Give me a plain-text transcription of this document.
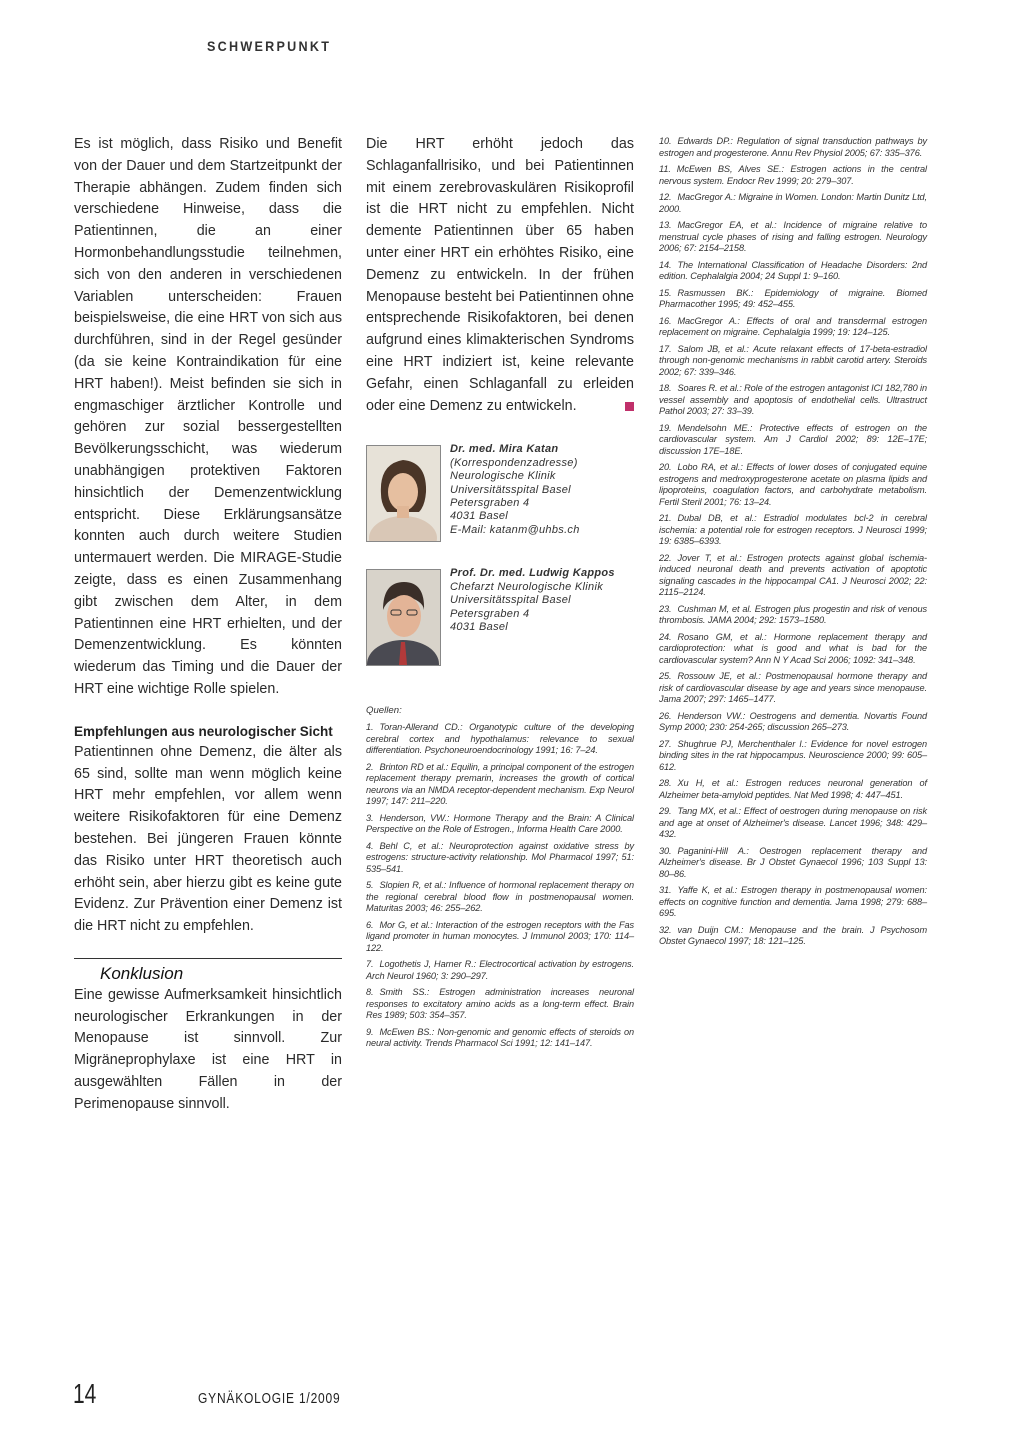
SCHWERPUNKT

Es ist möglich, dass Risiko und Benefit von der Dauer und dem Startzeitpunkt der Therapie abhängen. Zudem finden sich verschiedene Hinweise, dass die Patientinnen, die an einer Hormonbehandlungsstudie teilnehmen, sich von den anderen in verschiedenen Variablen unterscheiden: Frauen beispielsweise, die eine HRT von sich aus durchführen, sind in der Regel gesünder (da sie keine Kontraindikation für eine HRT haben!). Meist befinden sie sich in engmaschiger ärztlicher Kontrolle und gehören zur sozial bessergestellten Bevölkerungsschicht, was wiederum unabhängigen protektiven Faktoren hinsichtlich der Demenzentwicklung entspricht. Diese Erklärungsansätze konnten auch durch weitere Studien untermauert werden. Die MIRAGE-Studie zeigte, dass es einen Zusammenhang gibt zwischen dem Alter, in dem Patientinnen eine HRT erhielten, und der Demenzentwicklung. Es könnten wiederum das Timing und die Dauer der HRT eine wichtige Rolle spielen.

Empfehlungen aus neurologischer Sicht

Patientinnen ohne Demenz, die älter als 65 sind, sollte man wenn möglich keine HRT mehr empfehlen, vor allem wenn weitere Risikofaktoren für eine Demenz bestehen. Bei jüngeren Frauen könnte das Risiko unter HRT theoretisch auch erhöht sein, aber hierzu gibt es keine gute Evidenz. Zur Prävention einer Demenz ist die HRT nicht zu empfehlen.

Konklusion

Eine gewisse Aufmerksamkeit hinsichtlich neurologischer Erkrankungen in der Menopause ist sinnvoll. Zur Migräneprophylaxe ist eine HRT in ausgewählten Fällen in der Perimenopause sinnvoll.

Die HRT erhöht jedoch das Schlaganfallrisiko, und bei Patientinnen mit einem zerebrovaskulären Risikoprofil ist die HRT nicht zu empfehlen. Nicht demente Patientinnen über 65 haben unter einer HRT ein erhöhtes Risiko, eine Demenz zu entwickeln. In der frühen Menopause besteht bei Patientinnen ohne entsprechende Risikofaktoren, bei denen aufgrund eines klimakterischen Syndroms eine HRT indiziert ist, keine relevante Gefahr, einen Schlaganfall zu erleiden oder eine Demenz zu entwickeln.

Dr. med. Mira Katan
(Korrespondenzadresse)
Neurologische Klinik
Universitätsspital Basel
Petersgraben 4
4031 Basel
E-Mail: katanm@uhbs.ch
Prof. Dr. med. Ludwig Kappos
Chefarzt Neurologische Klinik
Universitätsspital Basel
Petersgraben 4
4031 Basel
Quellen:

1. Toran-Allerand CD.: Organotypic culture of the developing cerebral cortex and hypothalamus: relevance to sexual differentiation. Psychoneuroendocrinology 1991; 16: 7–24.

2. Brinton RD et al.: Equilin, a principal component of the estrogen replacement therapy premarin, increases the growth of cortical neurons via an NMDA receptor-dependent mechanism. Exp Neurol 1997; 147: 211–220.

3. Henderson, VW.: Hormone Therapy and the Brain: A Clinical Perspective on the Role of Estrogen., Informa Health Care 2000.

4. Behl C, et al.: Neuroprotection against oxidative stress by estrogens: structure-activity relationship. Mol Pharmacol 1997; 51: 535–541.

5. Slopien R, et al.: Influence of hormonal replacement therapy on the regional cerebral blood flow in postmenopausal women. Maturitas 2003; 46: 255–262.

6. Mor G, et al.: Interaction of the estrogen receptors with the Fas ligand promoter in human monocytes. J Immunol 2003; 170: 114–122.

7. Logothetis J, Harner R.: Electrocortical activation by estrogens. Arch Neurol 1960; 3: 290–297.

8. Smith SS.: Estrogen administration increases neuronal responses to excitatory amino acids as a long-term effect. Brain Res 1989; 503: 354–357.

9. McEwen BS.: Non-genomic and genomic effects of steroids on neural activity. Trends Pharmacol Sci 1991; 12: 141–147.

10. Edwards DP.: Regulation of signal transduction pathways by estrogen and progesterone. Annu Rev Physiol 2005; 67: 335–376.

11. McEwen BS, Alves SE.: Estrogen actions in the central nervous system. Endocr Rev 1999; 20: 279–307.

12. MacGregor A.: Migraine in Women. London: Martin Dunitz Ltd, 2000.

13. MacGregor EA, et al.: Incidence of migraine relative to menstrual cycle phases of rising and falling estrogen. Neurology 2006; 67: 2154–2158.

14. The International Classification of Headache Disorders: 2nd edition. Cephalalgia 2004; 24 Suppl 1: 9–160.

15. Rasmussen BK.: Epidemiology of migraine. Biomed Pharmacother 1995; 49: 452–455.

16. MacGregor A.: Effects of oral and transdermal estrogen replacement on migraine. Cephalalgia 1999; 19: 124–125.

17. Salom JB, et al.: Acute relaxant effects of 17-beta-estradiol through non-genomic mechanisms in rabbit carotid artery. Steroids 2002; 67: 339–346.

18. Soares R. et al.: Role of the estrogen antagonist ICI 182,780 in vessel assembly and apoptosis of endothelial cells. Ultrastruct Pathol 2003; 27: 33–39.

19. Mendelsohn ME.: Protective effects of estrogen on the cardiovascular system. Am J Cardiol 2002; 89: 12E–17E; discussion 17E–18E.

20. Lobo RA, et al.: Effects of lower doses of conjugated equine estrogens and medroxyprogesterone acetate on plasma lipids and lipoproteins, coagulation factors, and carbohydrate metabolism. Fertil Steril 2001; 76: 13–24.

21. Dubal DB, et al.: Estradiol modulates bcl-2 in cerebral ischemia: a potential role for estrogen receptors. J Neurosci 1999; 19: 6385–6393.

22. Jover T, et al.: Estrogen protects against global ischemia-induced neuronal death and prevents activation of apoptotic signaling cascades in the hippocampal CA1. J Neurosci 2002; 22: 2115–2124.

23. Cushman M, et al. Estrogen plus progestin and risk of venous thrombosis. JAMA 2004; 292: 1573–1580.

24. Rosano GM, et al.: Hormone replacement therapy and cardioprotection: what is good and what is bad for the cardiovascular system? Ann N Y Acad Sci 2006; 1092: 341–348.

25. Rossouw JE, et al.: Postmenopausal hormone therapy and risk of cardiovascular disease by age and years since menopause. Jama 2007; 297: 1465–1477.

26. Henderson VW.: Oestrogens and dementia. Novartis Found Symp 2000; 230: 254-265; discussion 265–273.

27. Shughrue PJ, Merchenthaler I.: Evidence for novel estrogen binding sites in the rat hippocampus. Neuroscience 2000; 99: 605–612.

28. Xu H, et al.: Estrogen reduces neuronal generation of Alzheimer beta-amyloid peptides. Nat Med 1998; 4: 447–451.

29. Tang MX, et al.: Effect of oestrogen during menopause on risk and age at onset of Alzheimer's disease. Lancet 1996; 348: 429–432.

30. Paganini-Hill A.: Oestrogen replacement therapy and Alzheimer's disease. Br J Obstet Gynaecol 1996; 103 Suppl 13: 80–86.

31. Yaffe K, et al.: Estrogen therapy in postmenopausal women: effects on cognitive function and dementia. Jama 1998; 279: 688–695.

32. van Duijn CM.: Menopause and the brain. J Psychosom Obstet Gynaecol 1997; 18: 121–125.

14	GYNÄKOLOGIE 1/2009
